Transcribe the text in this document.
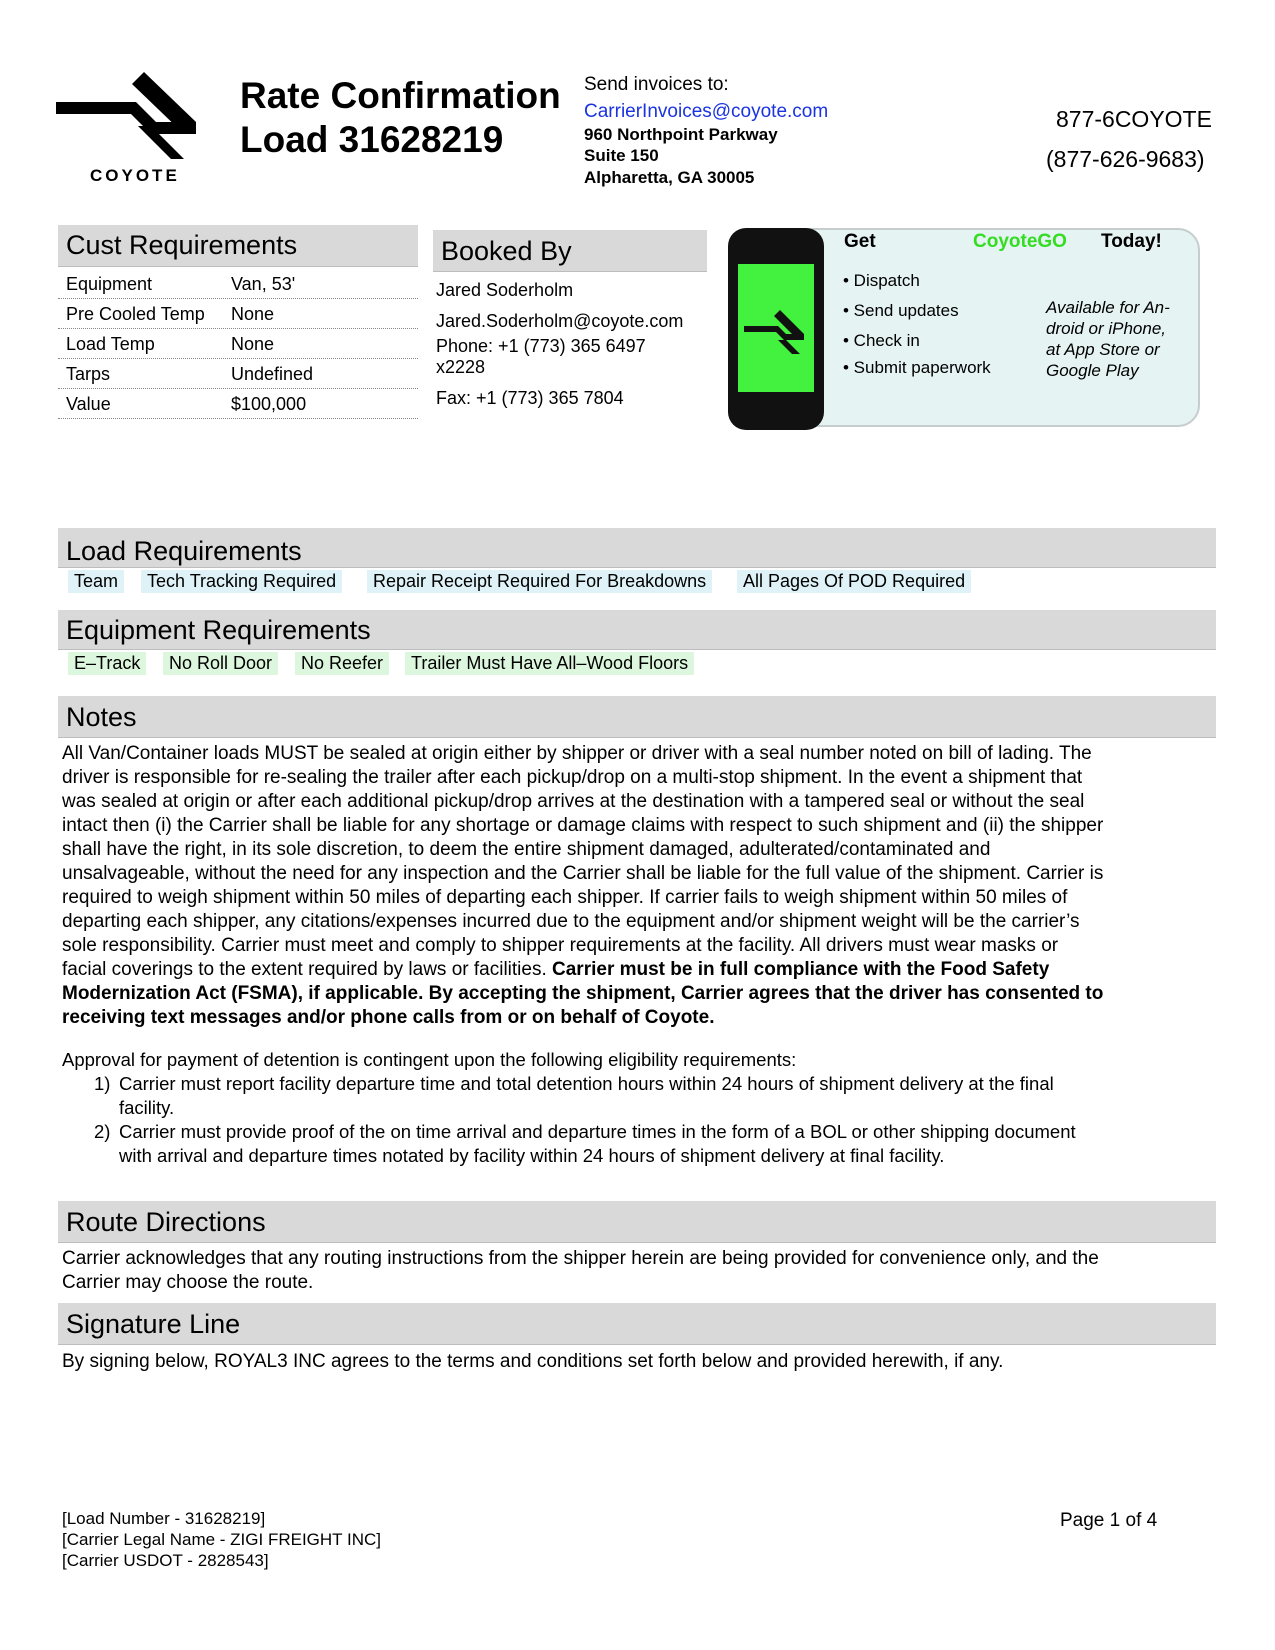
COYOTE
Rate Confirmation
Load 31628219
Send invoices to:
CarrierInvoices@coyote.com
960 Northpoint Parkway
Suite 150
Alpharetta, GA 30005
877-6COYOTE
(877-626-9683)
Cust Requirements
Equipment	Van, 53'
Pre Cooled Temp None
Load Temp	None
Tarps	Undefined
Value	$100,000
Booked By
Jared Soderholm
Jared.Soderholm@coyote.com
Phone: +1 (773) 365 6497
x2228
Fax: +1 (773) 365 7804
Get	CoyoteGO Today!
• Dispatch
• Send updates
• Check in
• Submit paperwork
Available for An-
droid or iPhone,
at App Store or
Google Play
Load Requirements
Team	Tech Tracking Required	Repair Receipt Required For Breakdowns	All Pages Of POD Required
Equipment Requirements
E–Track	No Roll Door	No Reefer	Trailer Must Have All–Wood Floors
Notes
All Van/Container loads MUST be sealed at origin either by shipper or driver with a seal number noted on bill of lading. The
driver is responsible for re-sealing the trailer after each pickup/drop on a multi-stop shipment. In the event a shipment that
was sealed at origin or after each additional pickup/drop arrives at the destination with a tampered seal or without the seal
intact then (i) the Carrier shall be liable for any shortage or damage claims with respect to such shipment and (ii) the shipper
shall have the right, in its sole discretion, to deem the entire shipment damaged, adulterated/contaminated and
unsalvageable, without the need for any inspection and the Carrier shall be liable for the full value of the shipment. Carrier is
required to weigh shipment within 50 miles of departing each shipper. If carrier fails to weigh shipment within 50 miles of
departing each shipper, any citations/expenses incurred due to the equipment and/or shipment weight will be the carrier’s
sole responsibility. Carrier must meet and comply to shipper requirements at the facility. All drivers must wear masks or
facial coverings to the extent required by laws or facilities. Carrier must be in full compliance with the Food Safety
Modernization Act (FSMA), if applicable. By accepting the shipment, Carrier agrees that the driver has consented to
receiving text messages and/or phone calls from or on behalf of Coyote.
Approval for payment of detention is contingent upon the following eligibility requirements:
1) Carrier must report facility departure time and total detention hours within 24 hours of shipment delivery at the final
facility.
2) Carrier must provide proof of the on time arrival and departure times in the form of a BOL or other shipping document
with arrival and departure times notated by facility within 24 hours of shipment delivery at final facility.
Route Directions
Carrier acknowledges that any routing instructions from the shipper herein are being provided for convenience only, and the
Carrier may choose the route.
Signature Line
By signing below, ROYAL3 INC agrees to the terms and conditions set forth below and provided herewith, if any.
[Load Number - 31628219]
[Carrier Legal Name - ZIGI FREIGHT INC]
[Carrier USDOT - 2828543]
Page 1 of 4
